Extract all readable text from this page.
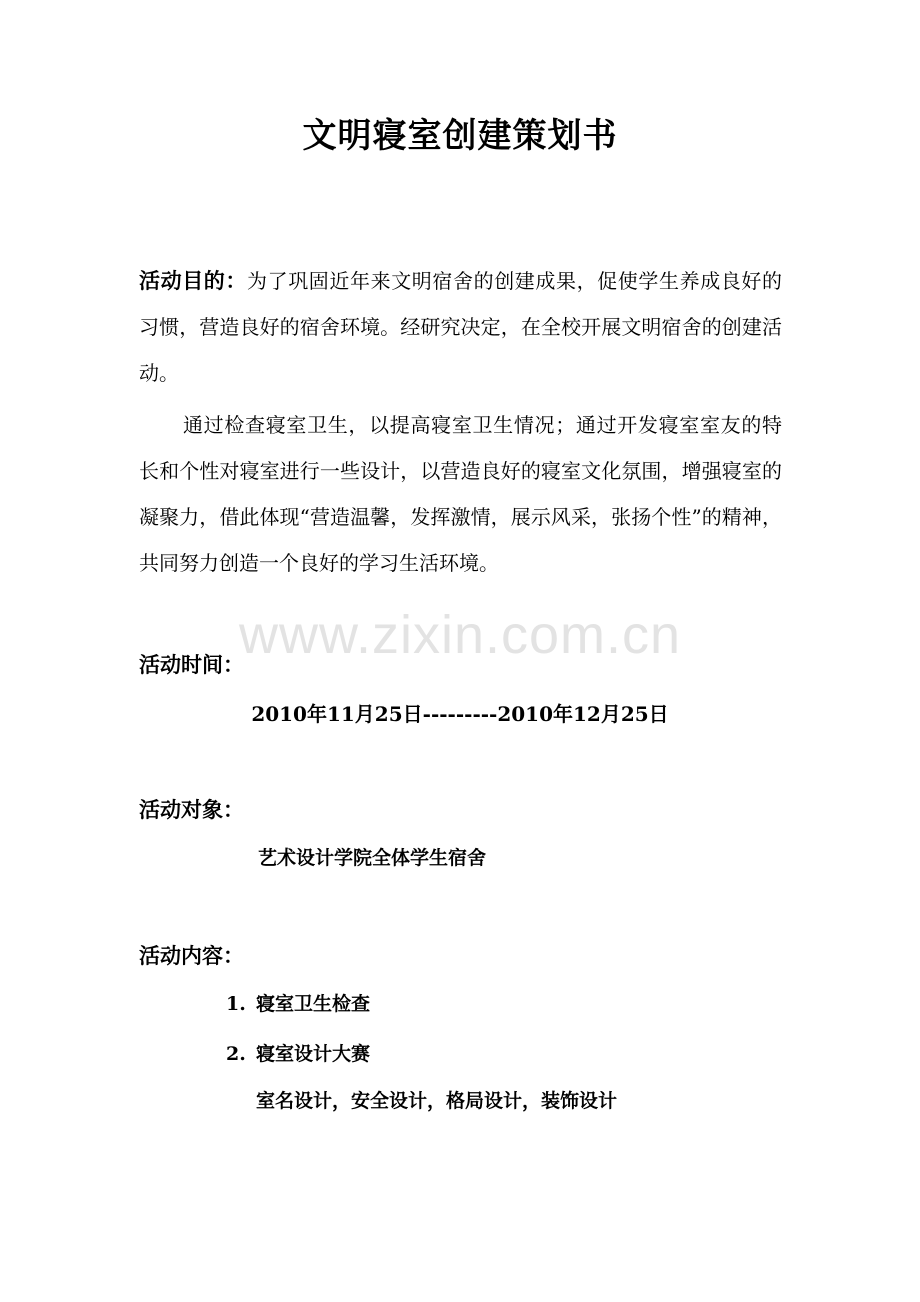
文明寝室创建策划书
活动目的：为了巩固近年来文明宿舍的创建成果，促使学生养成良好的习惯，营造良好的宿舍环境。经研究决定，在全校开展文明宿舍的创建活动。
通过检查寝室卫生，以提高寝室卫生情况；通过开发寝室室友的特长和个性对寝室进行一些设计，以营造良好的寝室文化氛围，增强寝室的凝聚力，借此体现“营造温馨，发挥激情，展示风采，张扬个性”的精神，共同努力创造一个良好的学习生活环境。
www.zixin.com.cn
活动时间：
2010年11月25日---------2010年12月25日
活动对象：
艺术设计学院全体学生宿舍
活动内容：
1. 寝室卫生检查
2. 寝室设计大赛
室名设计，安全设计，格局设计，装饰设计
